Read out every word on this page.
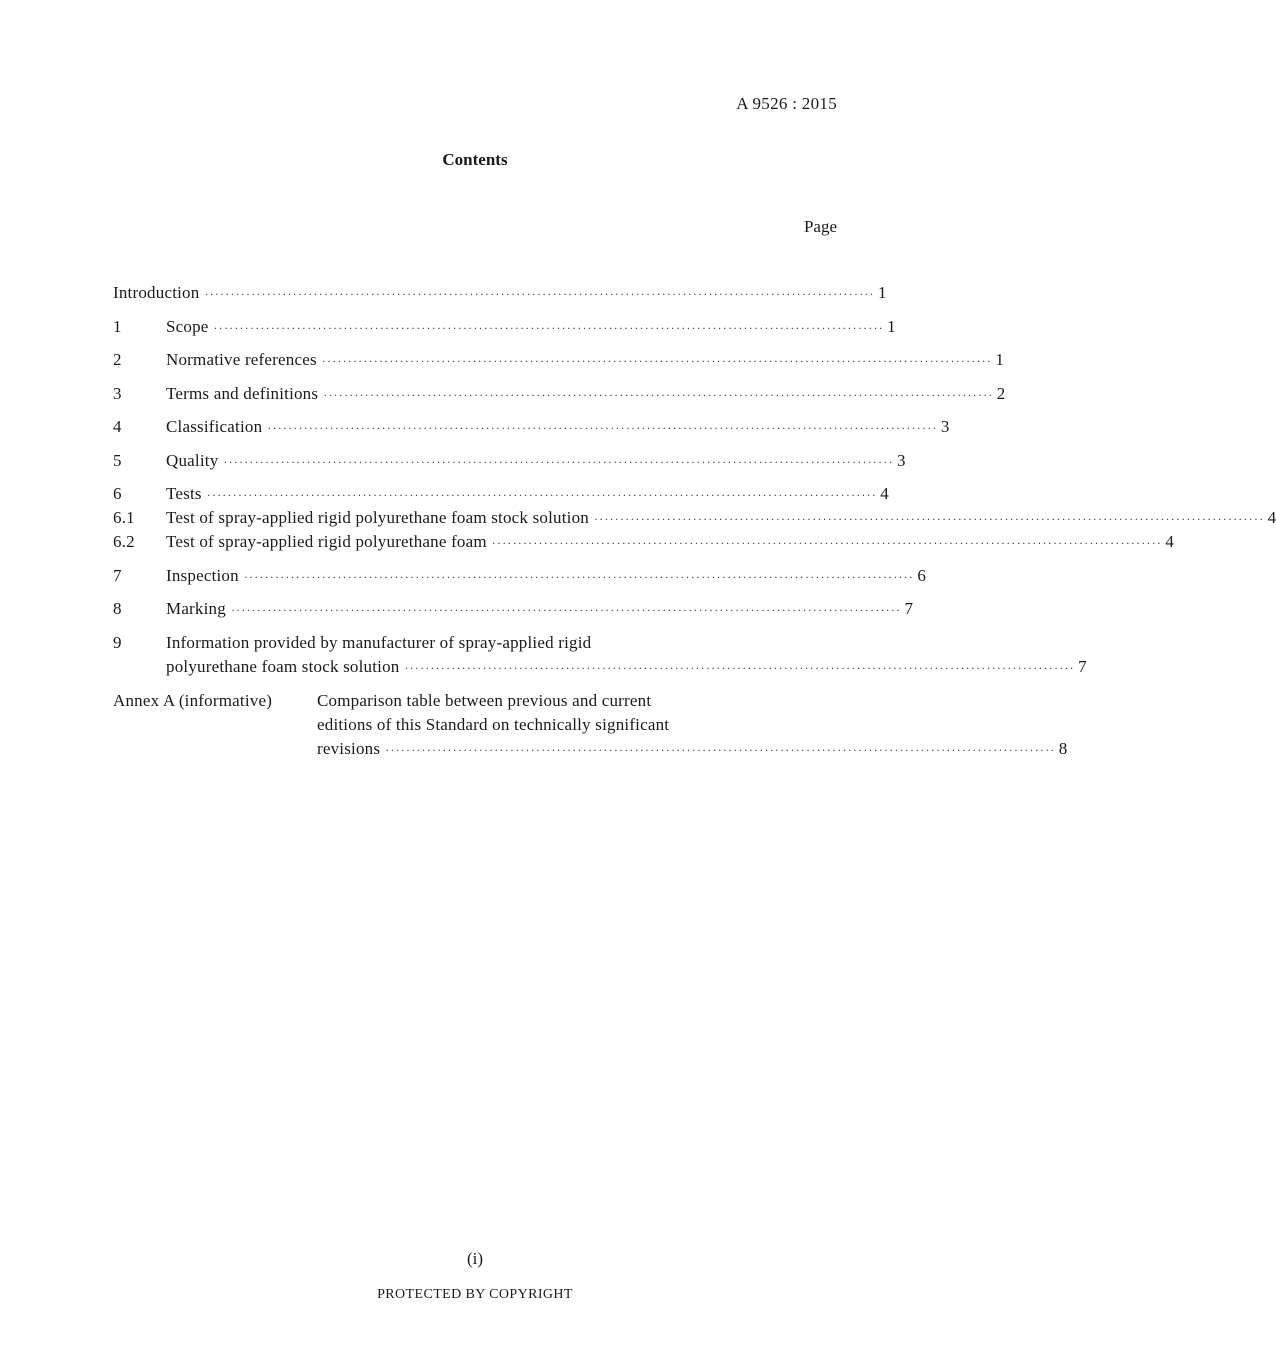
A 9526 : 2015
Contents
Page
Introduction ································································································································· 1
1	Scope ································································································································· 1
2	Normative references ································································································································· 1
3	Terms and definitions ································································································································· 2
4	Classification ································································································································· 3
5	Quality ································································································································· 3
6	Tests ································································································································· 4
6.1 Test of spray-applied rigid polyurethane foam stock solution ································································································································· 4
6.2 Test of spray-applied rigid polyurethane foam ································································································································· 4
7	Inspection ································································································································· 6
8	Marking ································································································································· 7
9	Information provided by manufacturer of spray-applied rigid
polyurethane foam stock solution ································································································································· 7
Annex A (informative)	Comparison table between previous and current
editions of this Standard on technically significant
revisions ································································································································· 8
(i)
PROTECTED BY COPYRIGHT
